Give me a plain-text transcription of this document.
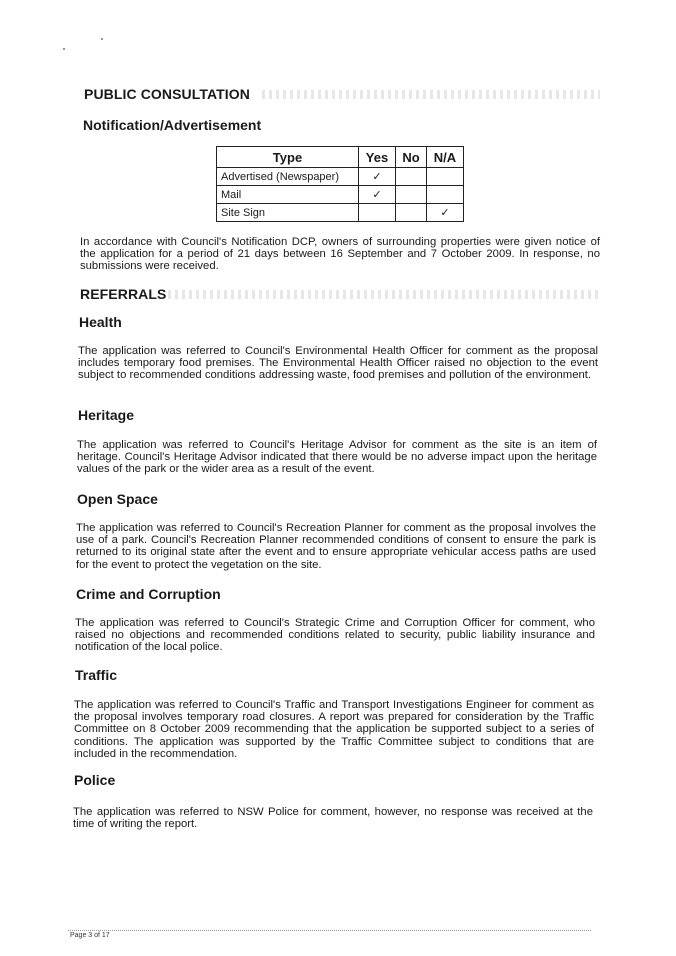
PUBLIC CONSULTATION
Notification/Advertisement
Type	Yes	No	N/A
Advertised (Newspaper)	✓		
Mail	✓		
Site Sign			✓
In accordance with Council's Notification DCP, owners of surrounding properties were given notice of the application for a period of 21 days between 16 September and 7 October 2009. In response, no submissions were received.
REFERRALS
Health
The application was referred to Council's Environmental Health Officer for comment as the proposal includes temporary food premises. The Environmental Health Officer raised no objection to the event subject to recommended conditions addressing waste, food premises and pollution of the environment.
Heritage
The application was referred to Council's Heritage Advisor for comment as the site is an item of heritage. Council's Heritage Advisor indicated that there would be no adverse impact upon the heritage values of the park or the wider area as a result of the event.
Open Space
The application was referred to Council's Recreation Planner for comment as the proposal involves the use of a park. Council's Recreation Planner recommended conditions of consent to ensure the park is returned to its original state after the event and to ensure appropriate vehicular access paths are used for the event to protect the vegetation on the site.
Crime and Corruption
The application was referred to Council's Strategic Crime and Corruption Officer for comment, who raised no objections and recommended conditions related to security, public liability insurance and notification of the local police.
Traffic
The application was referred to Council's Traffic and Transport Investigations Engineer for comment as the proposal involves temporary road closures. A report was prepared for consideration by the Traffic Committee on 8 October 2009 recommending that the application be supported subject to a series of conditions. The application was supported by the Traffic Committee subject to conditions that are included in the recommendation.
Police
The application was referred to NSW Police for comment, however, no response was received at the time of writing the report.
Page 3 of 17
